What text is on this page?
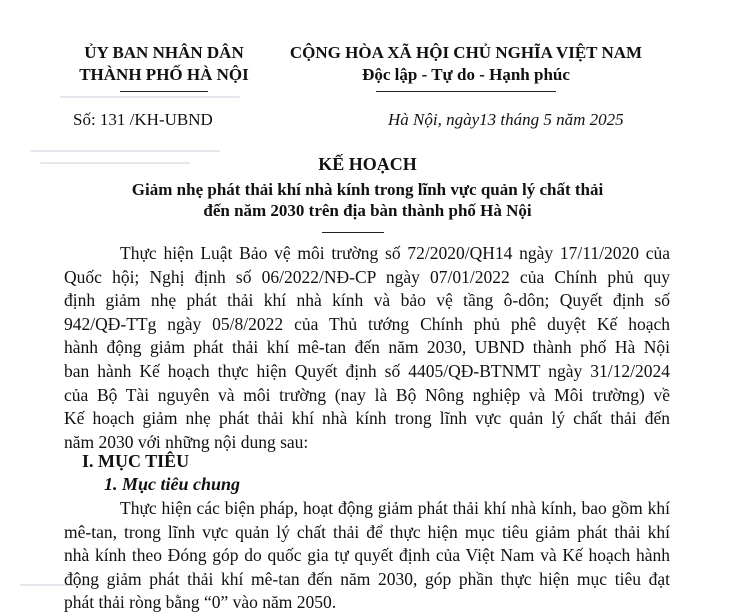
ỦY BAN NHÂN DÂN
THÀNH PHỐ HÀ NỘI
CỘNG HÒA XÃ HỘI CHỦ NGHĨA VIỆT NAM
Độc lập - Tự do - Hạnh phúc
Số: 131 /KH-UBND	Hà Nội, ngày13 tháng 5 năm 2025
KẾ HOẠCH
Giảm nhẹ phát thải khí nhà kính trong lĩnh vực quản lý chất thải
đến năm 2030 trên địa bàn thành phố Hà Nội
Thực hiện Luật Bảo vệ môi trường số 72/2020/QH14 ngày 17/11/2020 của
Quốc hội; Nghị định số 06/2022/NĐ-CP ngày 07/01/2022 của Chính phủ quy
định giảm nhẹ phát thải khí nhà kính và bảo vệ tầng ô-dôn; Quyết định số
942/QĐ-TTg ngày 05/8/2022 của Thủ tướng Chính phủ phê duyệt Kế hoạch
hành động giảm phát thải khí mê-tan đến năm 2030, UBND thành phố Hà Nội
ban hành Kế hoạch thực hiện Quyết định số 4405/QĐ-BTNMT ngày 31/12/2024
của Bộ Tài nguyên và môi trường (nay là Bộ Nông nghiệp và Môi trường) về
Kế hoạch giảm nhẹ phát thải khí nhà kính trong lĩnh vực quản lý chất thải đến
năm 2030 với những nội dung sau:
I. MỤC TIÊU
1. Mục tiêu chung
Thực hiện các biện pháp, hoạt động giảm phát thải khí nhà kính, bao gồm khí
mê-tan, trong lĩnh vực quản lý chất thải để thực hiện mục tiêu giảm phát thải khí
nhà kính theo Đóng góp do quốc gia tự quyết định của Việt Nam và Kế hoạch hành
động giảm phát thải khí mê-tan đến năm 2030, góp phần thực hiện mục tiêu đạt
phát thải ròng bằng “0” vào năm 2050.
